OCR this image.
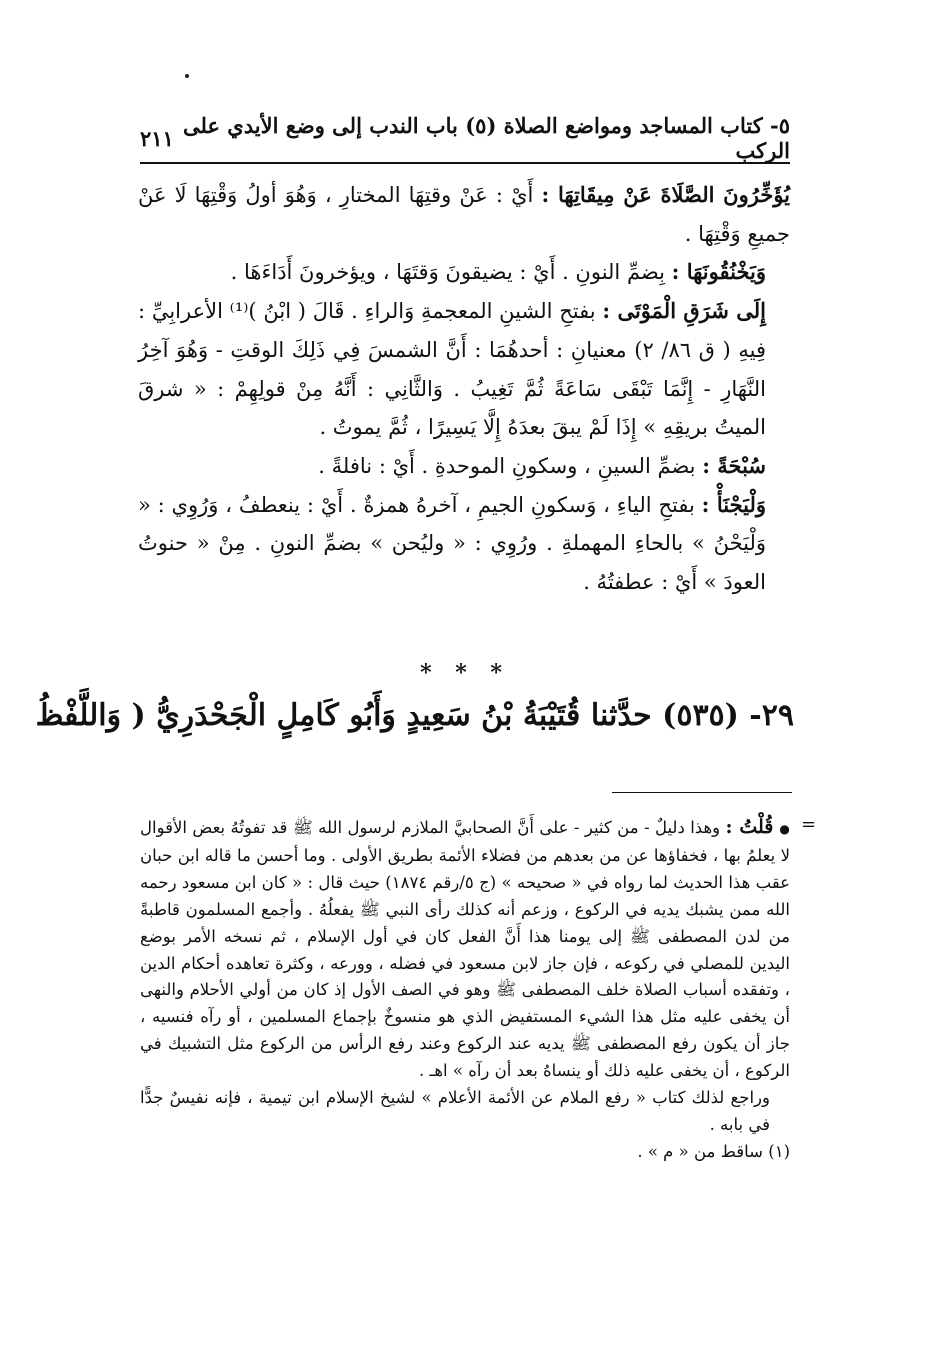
٥- كتاب المساجد ومواضع الصلاة (٥) باب الندب إلى وضع الأيدي على الركب
٢١١

يُؤَخِّرُونَ الصَّلَاةَ عَنْ مِيقَاتِهَا : أَيْ : عَنْ وقتِهَا المختارِ ، وَهُوَ أولُ وَقْتِهَا لَا عَنْ جميعِ وَقْتِهَا .

وَيَخْنُقُونَهَا : بِضمِّ النونِ . أَيْ : يضيقونَ وَقتَهَا ، ويؤخرونَ أَدَاءَهَا .

إِلَى شَرَقِ الْمَوْتَى : بفتحِ الشينِ المعجمةِ وَالراءِ . قَالَ ( ابْنُ )⁽¹⁾ الأعرابِيِّ : فِيهِ ( ق ٨٦/ ٢) معنيانِ : أحدهُمَا : أَنَّ الشمسَ فِي ذَلِكَ الوقتِ - وَهُوَ آخِرُ النَّهَارِ - إِنَّمَا تَبْقَى سَاعَةً ثُمَّ تَغِيبُ . وَالثَّانِي : أَنَّهُ مِنْ قولِهِمْ : « شرقَ الميتُ بريقِهِ » إِذَا لَمْ يبقَ بعدَهُ إِلَّا يَسِيرًا ، ثُمَّ يموتُ .

سُبْحَةً : بضمِّ السينِ ، وسكونِ الموحدةِ . أَيْ : نافلةً .

وَلْيَجْنَأْ : بفتحِ الياءِ ، وَسكونِ الجيمِ ، آخرهُ همزةٌ . أَيْ : ينعطفُ ، وَرُوِي : « وَلْيَحْنُ » بالحاءِ المهملةِ . ورُوِي : « وليُحن » بضمِّ النونِ . مِنْ « حنوتُ العودَ » أَيْ : عطفتُهُ .

* * *
٢٩- (٥٣٥) حدَّثنا قُتَيْبَةُ بْنُ سَعِيدٍ وَأَبُو كَامِلٍ الْجَحْدَرِيُّ ( وَاللَّفْظُ
=

●قُلْتُ : وهذا دليلٌ - من كثير - على أَنَّ الصحابيَّ الملازم لرسول الله ﷺ قد تفوتُهُ بعض الأقوال لا يعلمُ بها ، فخفاؤها عن من بعدهم من فضلاء الأئمة بطريق الأولى . وما أحسن ما قاله ابن حبان عقب هذا الحديث لما رواه في « صحيحه » (ج ٥/رقم ١٨٧٤) حيث قال : « كان ابن مسعود رحمه الله ممن يشبك يديه في الركوع ، وزعم أنه كذلك رأى النبي ﷺ يفعلُهُ . وأجمع المسلمون قاطبةً من لدن المصطفى ﷺ إلى يومنا هذا أَنَّ الفعل كان في أول الإسلام ، ثم نسخه الأمر بوضع اليدين للمصلي في ركوعه ، فإن جاز لابن مسعود في فضله ، وورعه ، وكثرة تعاهده أحكام الدين ، وتفقده أسباب الصلاة خلف المصطفى ﷺ وهو في الصف الأول إذ كان من أولي الأحلام والنهى أن يخفى عليه مثل هذا الشيء المستفيض الذي هو منسوخٌ بإجماع المسلمين ، أو رآه فنسيه ، جاز أن يكون رفع المصطفى ﷺ يديه عند الركوع وعند رفع الرأس من الركوع مثل التشبيك في الركوع ، أن يخفى عليه ذلك أو ينساهُ بعد أن رآه » اهـ .

وراجع لذلك كتاب « رفع الملام عن الأئمة الأعلام » لشيخ الإسلام ابن تيمية ، فإنه نفيسٌ جدًّا في بابه .

(١) ساقط من « م » .
